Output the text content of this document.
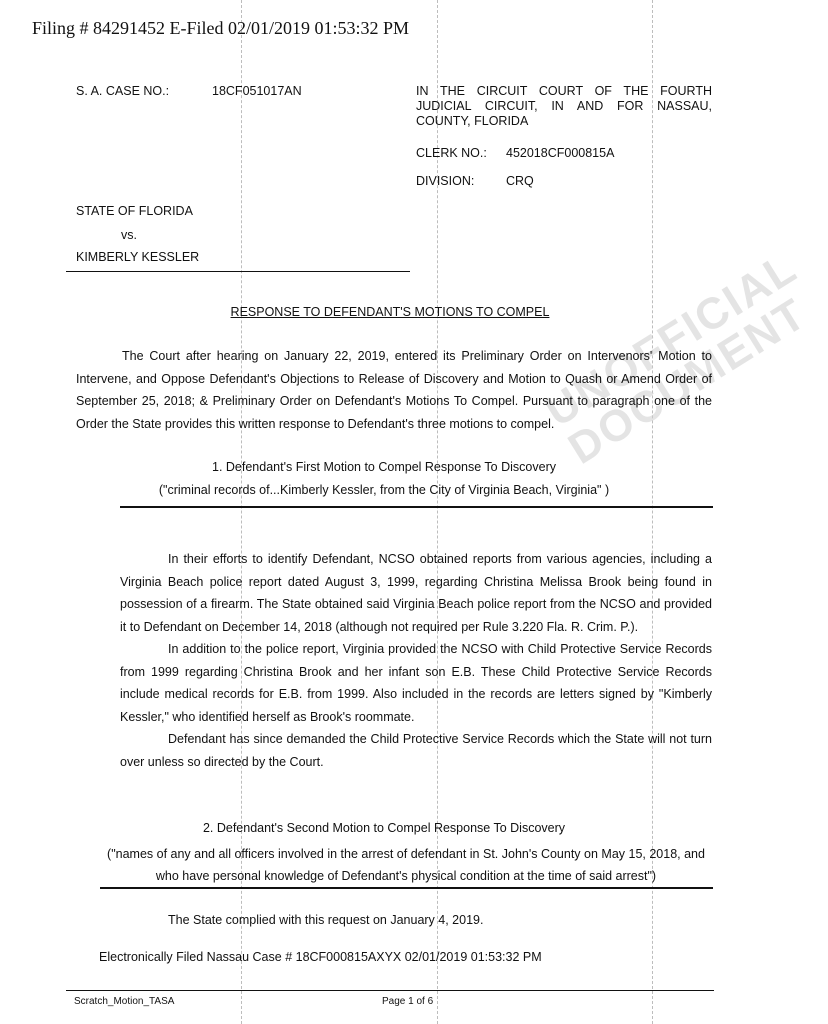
UNOFFICIAL DOCUMENT
Filing # 84291452 E-Filed 02/01/2019 01:53:32 PM
S. A. CASE NO.:	18CF051017AN	IN THE CIRCUIT COURT OF THE FOURTH JUDICIAL CIRCUIT, IN AND FOR NASSAU, COUNTY, FLORIDA
CLERK NO.: 452018CF000815A
DIVISION:	CRQ
STATE OF FLORIDA
vs.
KIMBERLY KESSLER
RESPONSE TO DEFENDANT'S MOTIONS TO COMPEL
The Court after hearing on January 22, 2019, entered its Preliminary Order on Intervenors' Motion to Intervene, and Oppose Defendant's Objections to Release of Discovery and Motion to Quash or Amend Order of September 25, 2018; & Preliminary Order on Defendant's Motions To Compel. Pursuant to paragraph one of the Order the State provides this written response to Defendant's three motions to compel.
1. Defendant's First Motion to Compel Response To Discovery
("criminal records of...Kimberly Kessler, from the City of Virginia Beach, Virginia" )
In their efforts to identify Defendant, NCSO obtained reports from various agencies, including a Virginia Beach police report dated August 3, 1999, regarding Christina Melissa Brook being found in possession of a firearm. The State obtained said Virginia Beach police report from the NCSO and provided it to Defendant on December 14, 2018 (although not required per Rule 3.220 Fla. R. Crim. P.).
In addition to the police report, Virginia provided the NCSO with Child Protective Service Records from 1999 regarding Christina Brook and her infant son E.B. These Child Protective Service Records include medical records for E.B. from 1999. Also included in the records are letters signed by "Kimberly Kessler," who identified herself as Brook's roommate.
Defendant has since demanded the Child Protective Service Records which the State will not turn over unless so directed by the Court.
2. Defendant's Second Motion to Compel Response To Discovery
("names of any and all officers involved in the arrest of defendant in St. John's County on May 15, 2018, and who have personal knowledge of Defendant's physical condition at the time of said arrest")
The State complied with this request on January 4, 2019.
Electronically Filed Nassau Case # 18CF000815AXYX 02/01/2019 01:53:32 PM
Scratch_Motion_TASA	Page 1 of 6
